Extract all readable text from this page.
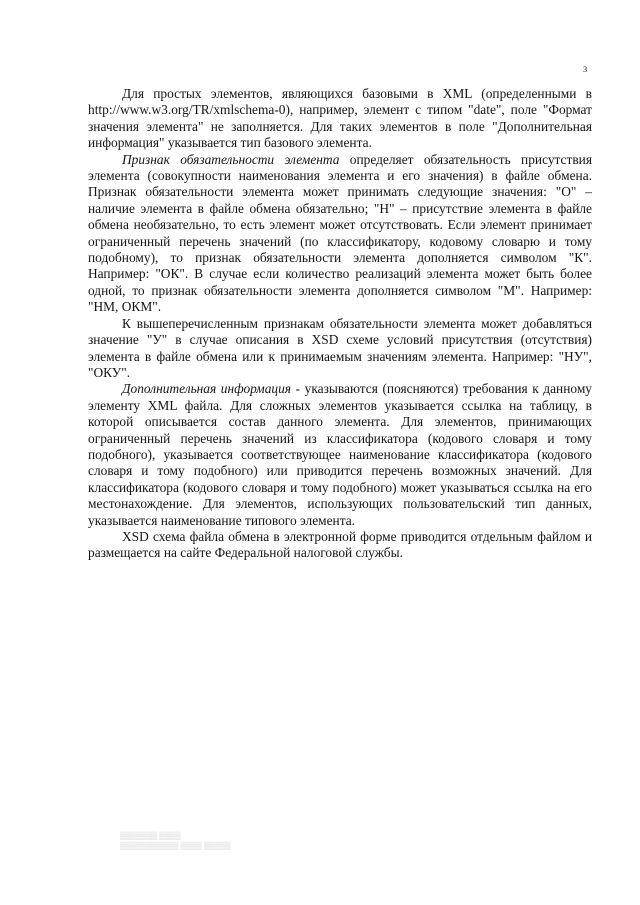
3

Для простых элементов, являющихся базовыми в XML (определенными в http://www.w3.org/TR/xmlschema-0), например, элемент с типом "date", поле "Формат значения элемента" не заполняется. Для таких элементов в поле "Дополнительная информация" указывается тип базового элемента.

Признак обязательности элемента определяет обязательность присутствия элемента (совокупности наименования элемента и его значения) в файле обмена. Признак обязательности элемента может принимать следующие значения: "О" – наличие элемента в файле обмена обязательно; "Н" – присутствие элемента в файле обмена необязательно, то есть элемент может отсутствовать. Если элемент принимает ограниченный перечень значений (по классификатору, кодовому словарю и тому подобному), то признак обязательности элемента дополняется символом "К". Например: "ОК". В случае если количество реализаций элемента может быть более одной, то признак обязательности элемента дополняется символом "М". Например: "НМ, ОКМ".

К вышеперечисленным признакам обязательности элемента может добавляться значение "У" в случае описания в XSD схеме условий присутствия (отсутствия) элемента в файле обмена или к принимаемым значениям элемента. Например: "НУ", "ОКУ".

Дополнительная информация - указываются (поясняются) требования к данному элементу XML файла. Для сложных элементов указывается ссылка на таблицу, в которой описывается состав данного элемента. Для элементов, принимающих ограниченный перечень значений из классификатора (кодового словаря и тому подобного), указывается соответствующее наименование классификатора (кодового словаря и тому подобного) или приводится перечень возможных значений. Для классификатора (кодового словаря и тому подобного) может указываться ссылка на его местонахождение. Для элементов, использующих пользовательский тип данных, указывается наименование типового элемента.

XSD схема файла обмена в электронной форме приводится отдельным файлом и размещается на сайте Федеральной налоговой службы.

▒▒▒▒▒▒▒ ▒▒▒▒
▒▒▒▒▒▒▒▒▒▒▒ ▒▒▒▒ ▒▒▒▒▒
